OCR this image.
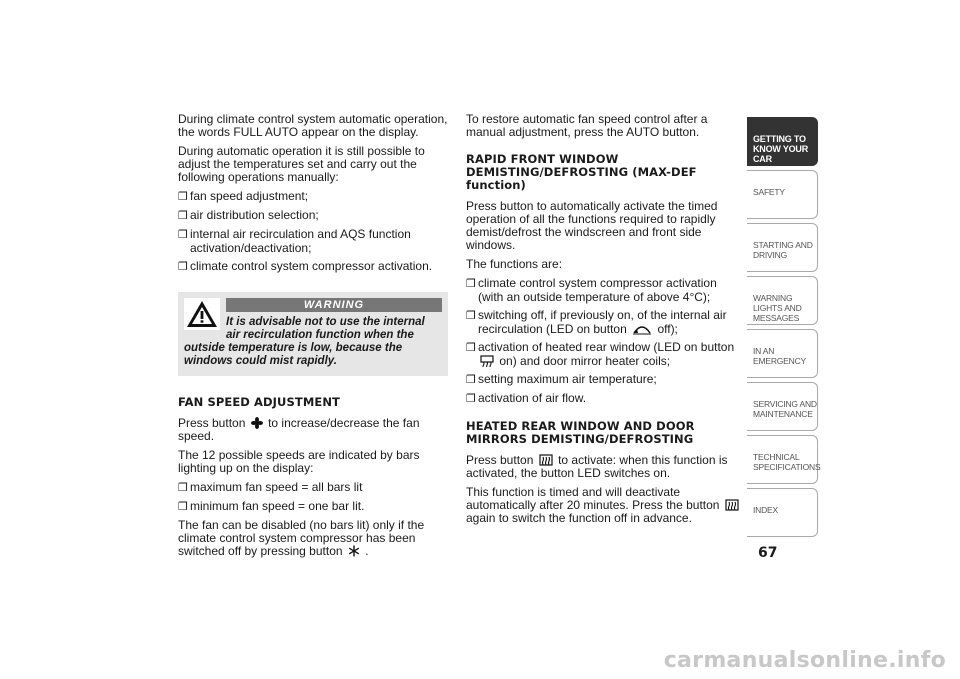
During climate control system automatic operation, the words FULL AUTO appear on the display.

During automatic operation it is still possible to adjust the temperatures set and carry out the following operations manually:

❒ fan speed adjustment;
❒ air distribution selection;
❒ internal air recirculation and AQS function activation/deactivation;
❒ climate control system compressor activation.
WARNING
It is advisable not to use the internal
air recirculation function when the
outside temperature is low, because the windows could mist rapidly.
FAN SPEED ADJUSTMENT

Press button to increase/decrease the fan speed.

The 12 possible speeds are indicated by bars lighting up on the display:

❒ maximum fan speed = all bars lit
❒ minimum fan speed = one bar lit.

The fan can be disabled (no bars lit) only if the climate control system compressor has been switched off by pressing button .

To restore automatic fan speed control after a manual adjustment, press the AUTO button.

RAPID FRONT WINDOW DEMISTING/DEFROSTING (MAX-DEF function)

Press button to automatically activate the timed operation of all the functions required to rapidly demist/defrost the windscreen and front side windows.

The functions are:

❒ climate control system compressor activation (with an outside temperature of above 4°C);
❒ switching off, if previously on, of the internal air recirculation (LED on button	off);
❒ activation of heated rear window (LED on button  on) and door mirror heater coils;
❒ setting maximum air temperature;
❒ activation of air flow.
HEATED REAR WINDOW AND DOOR MIRRORS DEMISTING/DEFROSTING

Press button to activate: when this function is activated, the button LED switches on.

This function is timed and will deactivate automatically after 20 minutes. Press the button  again to switch the function off in advance.

GETTING TO KNOW YOUR CAR
SAFETY
STARTING AND DRIVING
WARNING LIGHTS AND MESSAGES
IN AN EMERGENCY
SERVICING AND MAINTENANCE
TECHNICAL SPECIFICATIONS
INDEX
67
carmanualsonline.info
